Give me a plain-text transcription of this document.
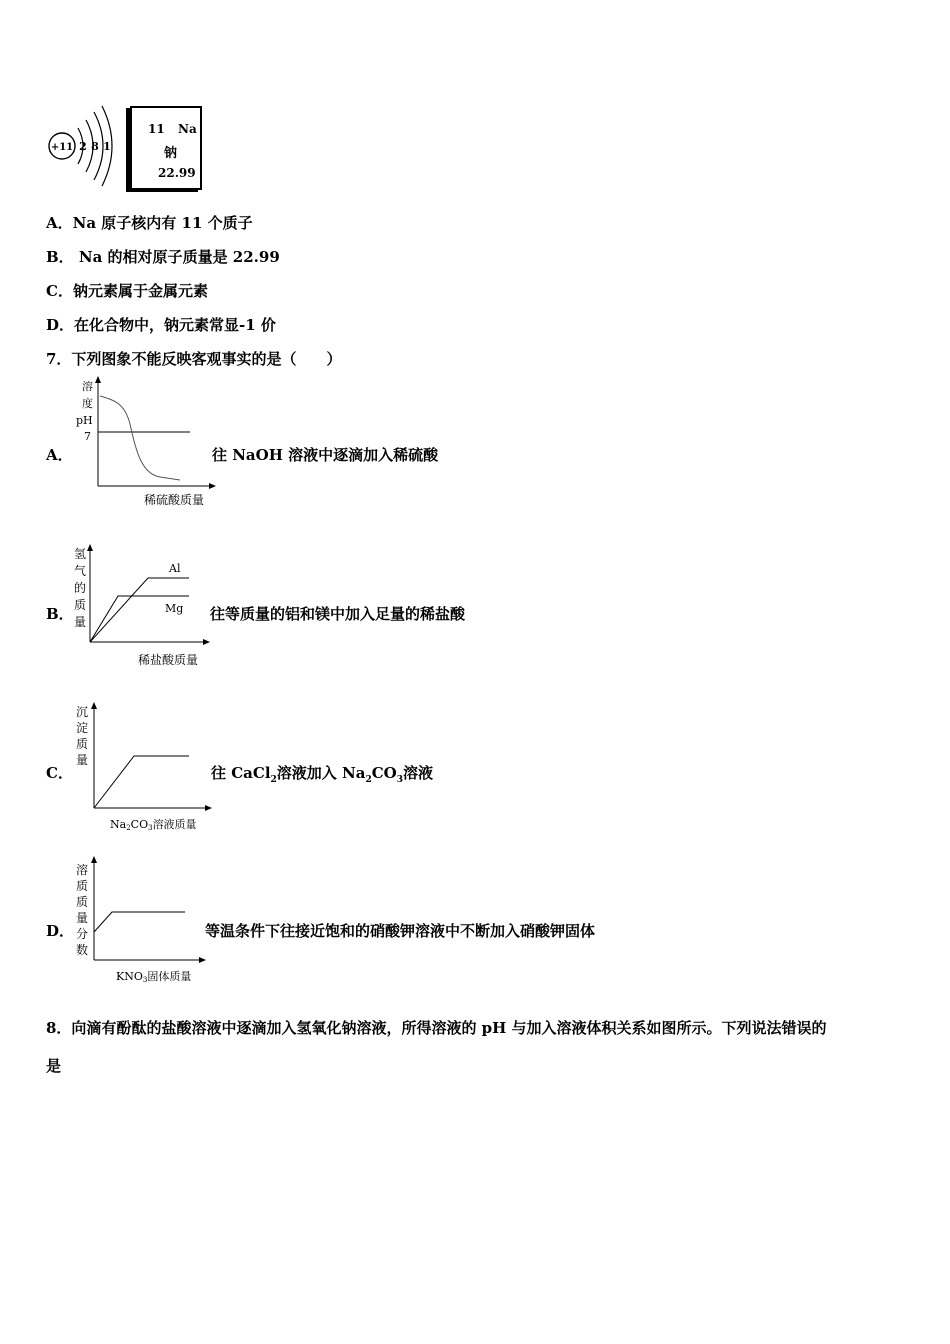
+11 2 8 1
11 Na
钠
22.99
A．Na 原子核内有 11 个质子
B． Na 的相对原子质量是 22.99
C．钠元素属于金属元素
D．在化合物中，钠元素常显-1 价
7．下列图象不能反映客观事实的是（　　）
A．
溶
度
pH
7
稀硫酸质量
往 NaOH 溶液中逐滴加入稀硫酸
B．
Al
Mg
氢
气
的
质
量
稀盐酸质量
往等质量的铝和镁中加入足量的稀盐酸
C．
沉
淀
质
量
Na2CO3溶液质量
往 CaCl$_2$溶液加入 $Na_2CO_3$溶液
D．
溶
质
质
量
分
数
KNO3固体质量
等温条件下往接近饱和的硝酸钾溶液中不断加入硝酸钾固体
8．向滴有酚酞的盐酸溶液中逐滴加入氢氧化钠溶液，所得溶液的 pH 与加入溶液体积关系如图所示。下列说法错误的
是
